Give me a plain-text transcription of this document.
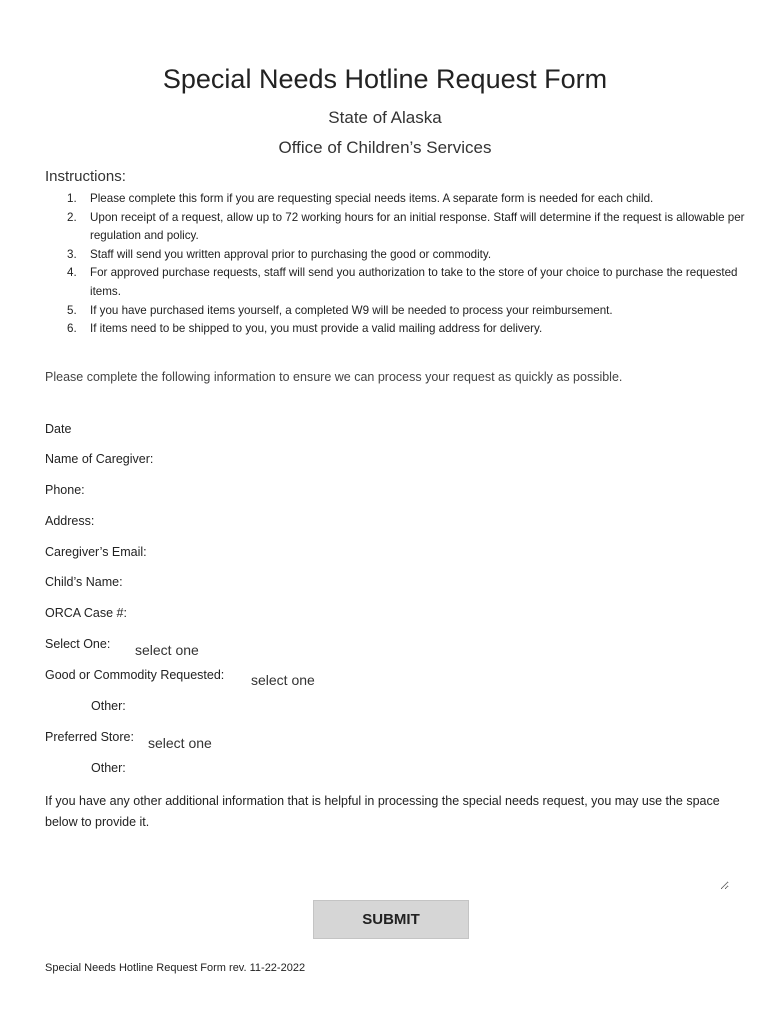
Special Needs Hotline Request Form
State of Alaska
Office of Children’s Services
Instructions:
1. Please complete this form if you are requesting special needs items. A separate form is needed for each child.
2. Upon receipt of a request, allow up to 72 working hours for an initial response. Staff will determine if the request is allowable per regulation and policy.
3. Staff will send you written approval prior to purchasing the good or commodity.
4. For approved purchase requests, staff will send you authorization to take to the store of your choice to purchase the requested items.
5. If you have purchased items yourself, a completed W9 will be needed to process your reimbursement.
6. If items need to be shipped to you, you must provide a valid mailing address for delivery.
Please complete the following information to ensure we can process your request as quickly as possible.
Date
Name of Caregiver:
Phone:
Address:
Caregiver’s Email:
Child’s Name:
ORCA Case #:
Select One: select one
Good or Commodity Requested: select one
Other:
Preferred Store: select one
Other:
If you have any other additional information that is helpful in processing the special needs request, you may use the space below to provide it.
SUBMIT
Special Needs Hotline Request Form rev. 11-22-2022
